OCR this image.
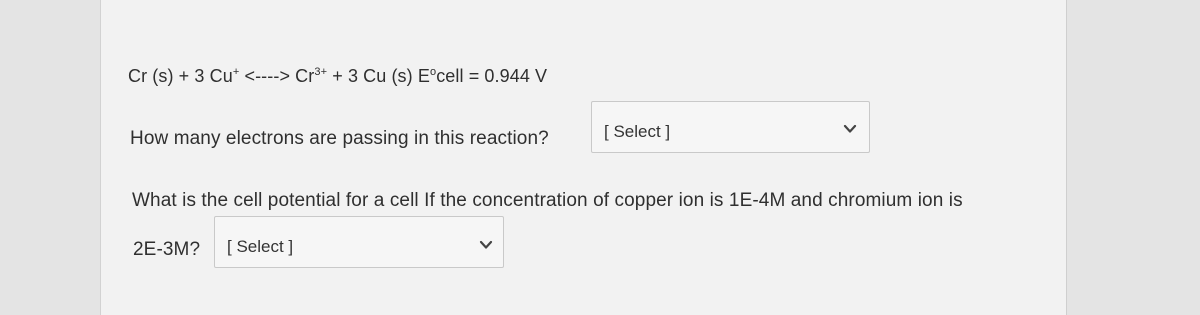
Cr (s) + 3 Cu+ <----> $Cr^{3+} + 3$ Cu (s) $E^ocell = 0.944$ V
How many electrons are passing in this reaction?	[ Select ]
What is the cell potential for a cell If the concentration of copper ion is 1E-4M and chromium ion is
2E-3M? [ Select ]
